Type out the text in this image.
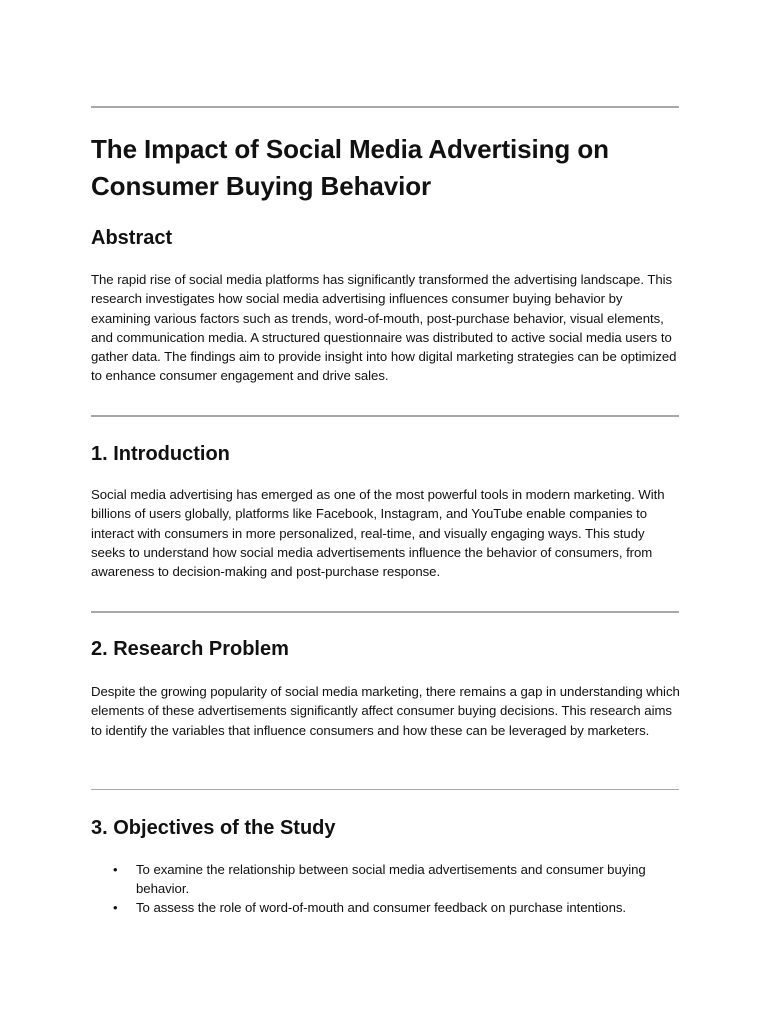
The Impact of Social Media Advertising on Consumer Buying Behavior
Abstract

The rapid rise of social media platforms has significantly transformed the advertising landscape. This research investigates how social media advertising influences consumer buying behavior by examining various factors such as trends, word-of-mouth, post-purchase behavior, visual elements, and communication media. A structured questionnaire was distributed to active social media users to gather data. The findings aim to provide insight into how digital marketing strategies can be optimized to enhance consumer engagement and drive sales.

1. Introduction

Social media advertising has emerged as one of the most powerful tools in modern marketing. With billions of users globally, platforms like Facebook, Instagram, and YouTube enable companies to interact with consumers in more personalized, real-time, and visually engaging ways. This study seeks to understand how social media advertisements influence the behavior of consumers, from awareness to decision-making and post-purchase response.

2. Research Problem

Despite the growing popularity of social media marketing, there remains a gap in understanding which elements of these advertisements significantly affect consumer buying decisions. This research aims to identify the variables that influence consumers and how these can be leveraged by marketers.

3. Objectives of the Study
• To examine the relationship between social media advertisements and consumer buying behavior.
• To assess the role of word-of-mouth and consumer feedback on purchase intentions.
